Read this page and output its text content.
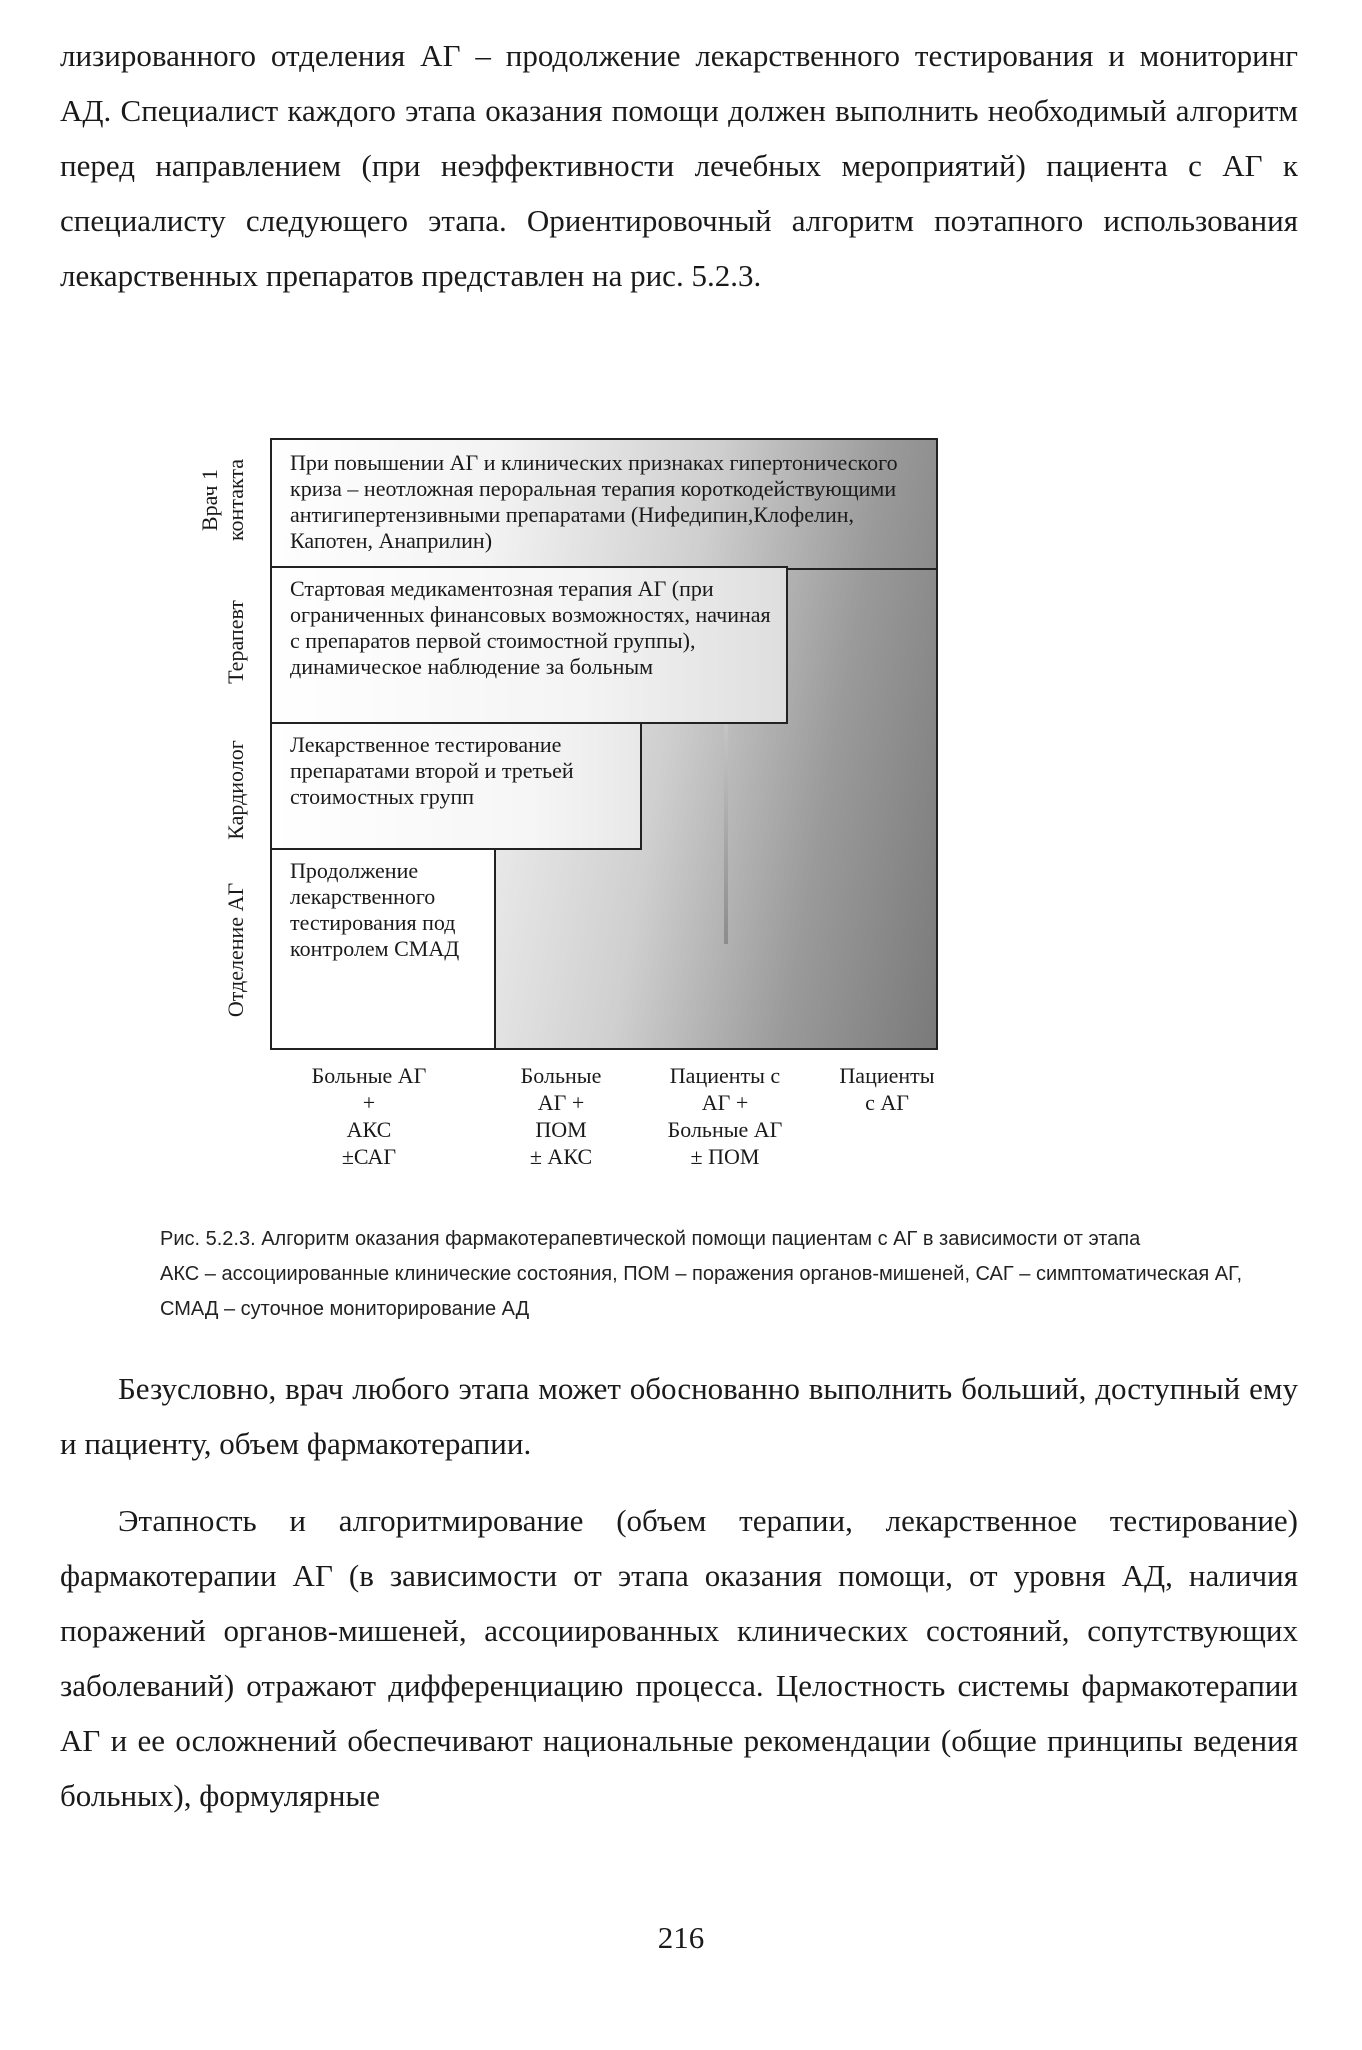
лизированного отделения АГ – продолжение лекарственного тестирования и мониторинг АД. Специалист каждого этапа оказания помощи должен выполнить необходимый алгоритм перед направлением (при неэффективности лечебных мероприятий) пациента с АГ к специалисту следующего этапа. Ориентировочный алгоритм поэтапного использования лекарственных препаратов представлен на рис. 5.2.3.

Врач 1 контакта
Терапевт
Кардиолог
Отделение АГ
При повышении АГ и клинических признаках гипертонического криза – неотложная пероральная терапия короткодействующими антигипертензивными препаратами (Нифедипин,Клофелин, Капотен, Анаприлин)
Стартовая медикаментозная терапия АГ (при ограниченных финансовых возможностях, начиная с препаратов первой стоимостной группы), динамическое наблюдение за больным
Лекарственное тестирование препаратами второй и третьей стоимостных групп
Продолжение лекарственного тестирования под контролем СМАД
Больные АГ
+
АКС
±САГ
Больные
АГ +
ПОМ
± АКС
Пациенты с
АГ +
Больные АГ
± ПОМ
Пациенты
с АГ

Рис. 5.2.3. Алгоритм оказания фармакотерапевтической помощи пациентам с АГ в зависимости от этапа

АКС – ассоциированные клинические состояния, ПОМ – поражения органов-мишеней, САГ – симптоматическая АГ, СМАД – суточное мониторирование АД

Безусловно, врач любого этапа может обоснованно выполнить больший, доступный ему и пациенту, объем фармакотерапии.

Этапность и алгоритмирование (объем терапии, лекарственное тестирование) фармакотерапии АГ (в зависимости от этапа оказания помощи, от уровня АД, наличия поражений органов-мишеней, ассоциированных клинических состояний, сопутствующих заболеваний) отражают дифференциацию процесса. Целостность системы фармакотерапии АГ и ее осложнений обеспечивают национальные рекомендации (общие принципы ведения больных), формулярные

216
